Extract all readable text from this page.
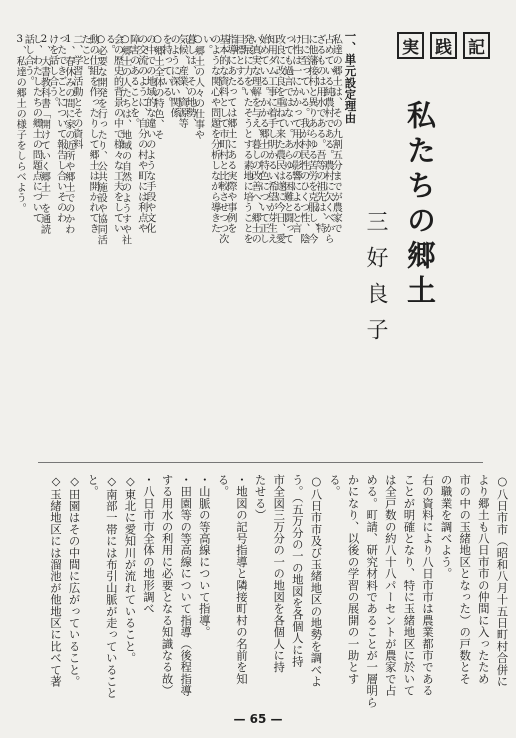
実 践 記
私たちの郷土
三好良子
一、単元設定理由
私達の郷土は、その九割五分までが農家で
占めている純農村である。農村に欠くべから
ざるものは用水である。吾等の祖先は、特
に他藩接村と異りあらゆる苦労を克服し、今
日に至っている。我が村民性のひくつ性、陰
け性は一にかかって用水の影響によると言
っても過言ではない。あらゆる困難と闘って
改良に改良を重ねて来た農民は遂に今日、愛
知用ダム工事に着手し明かるい希望が芽生え
始めている。かかる郷土の特色について正し
い真実な理解を与え、暮しの改善へ、郷土の
発展に力をいたそうとする素地に培うことを
目標とする。
指導にあたっては郷土にある実際や事例を
基本的な資料として市町村と比較させつつ次
のような関心や問題を分析しながら導きた
い。
○郷土の人々の仕事や
暮しは、その地勢、
気候、産業、資源等
のように深い関係
を持っている。
○郷土全体の特色、そ
の中での地域的な違いのような手段や文化
の交流のように、自分の村や町には利点や
障害のあることを。
○郷土の人たちは、地域の自然のようすや社
会の歴史的背景の中で様々な工夫をしてい
る。
○必要な開発を行ったり、公共施設や協同活
動の仕組を作ったりして郷土は開かれてき
たこと。
二、学習活動とその資料
1、春休みの間に家の近所や郷土でのかわ
ったできごとについて報告し合いそのわ
けを話し合う。
2、大書教科書「開けていく郷土」を通読
し、わたしたちの郷土の問題点について
話し合う。
3、私達の郷土の様子をしらべよう。
○八日市市（昭和八月十五日町村合併に
より郷土も八日市市の仲間に入ったため
市の中の玉緒地区となった）の戸数とそ
の職業を調べよう。
右の資料により八日市市は農業都市である
ことが明確となり、特に玉緒地区に於いて
は全戸数の約八十八パーセントが農家で占
める。町請、研究材料であることが一層明ら
かになり、以後の学習の展開の一助とす
る。
○八日市市及び玉緒地区の地勢を調べよ
う。（五万分の一の地図を各個人に持
市全図三万分の一の地図を各個人に持
たせる）
・地図の記号指導と隣接町村の名前を知
る。
・山脈の等高線について指導。
・田園等の等高線について指導（後程指導
する用水の利用に必要となる知識なる故）
・八日市市全体の地形調べ
◇東北に愛知川が流れていること。
◇南部一帯には布引山脈が走っていること
と。
◇田園はその中間に広がっていること。
◇玉緒地区には溜池が他地区に比べて著
— 65 —
